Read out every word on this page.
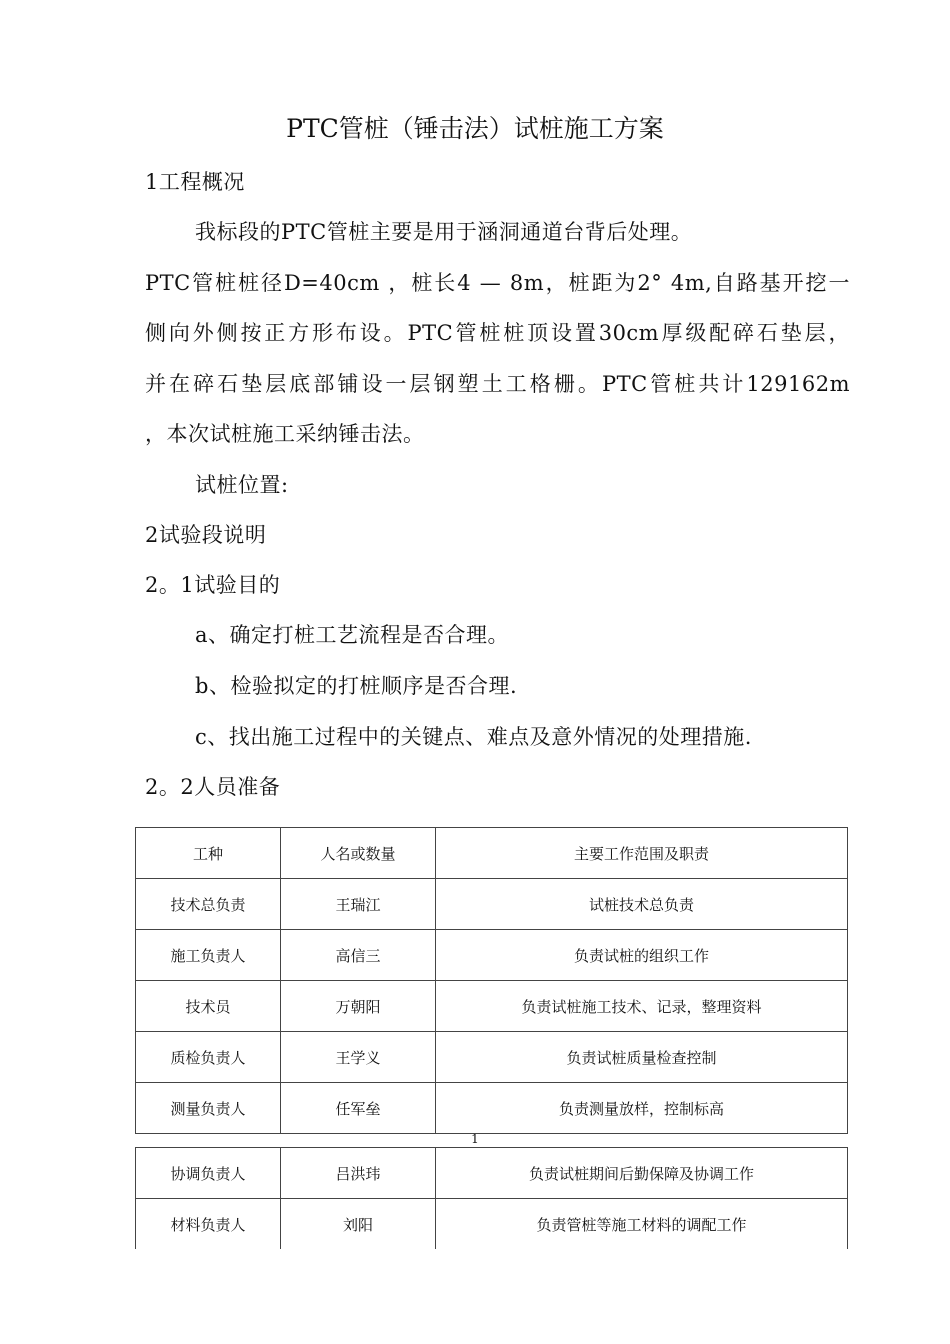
PTC管桩（锤击法）试桩施工方案
1工程概况
我标段的PTC管桩主要是用于涵洞通道台背后处理。
PTC管桩桩径D=40cm ，桩长4 — 8m，桩距为2° 4m,自路基开挖一
侧向外侧按正方形布设。PTC管桩桩顶设置30cm厚级配碎石垫层，
并在碎石垫层底部铺设一层钢塑土工格栅。PTC管桩共计129162m
，本次试桩施工采纳锤击法。
试桩位置:
2试验段说明
2。1试验目的
a、确定打桩工艺流程是否合理。
b、检验拟定的打桩顺序是否合理.
c、找出施工过程中的关键点、难点及意外情况的处理措施.
2。2人员准备
工种	人名或数量	主要工作范围及职责
技术总负责	王瑞江	试桩技术总负责
施工负责人	高信三	负责试桩的组织工作
技术员	万朝阳	负责试桩施工技术、记录，整理资料
质检负责人	王学义	负责试桩质量检查控制
测量负责人	任军垒	负责测量放样，控制标高
1
协调负责人	吕洪玮	负责试桩期间后勤保障及协调工作
材料负责人	刘阳	负责管桩等施工材料的调配工作
